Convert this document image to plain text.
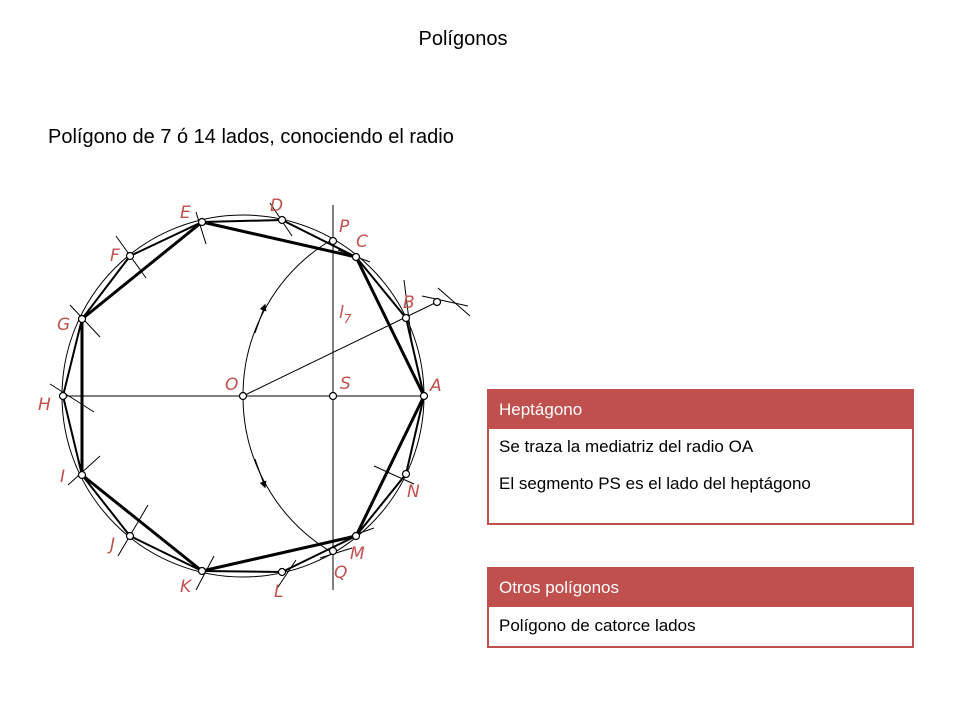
Polígonos
Polígono de 7 ó 14 lados, conociendo el radio
A
B
C
D
E
F
G
H
I
J
K	L
M
N
O
P
Q
S
$l_7$
Heptágono
Se traza la mediatriz del radio OA
El segmento PS es el lado del heptágono
Otros polígonos
Polígono de catorce lados
